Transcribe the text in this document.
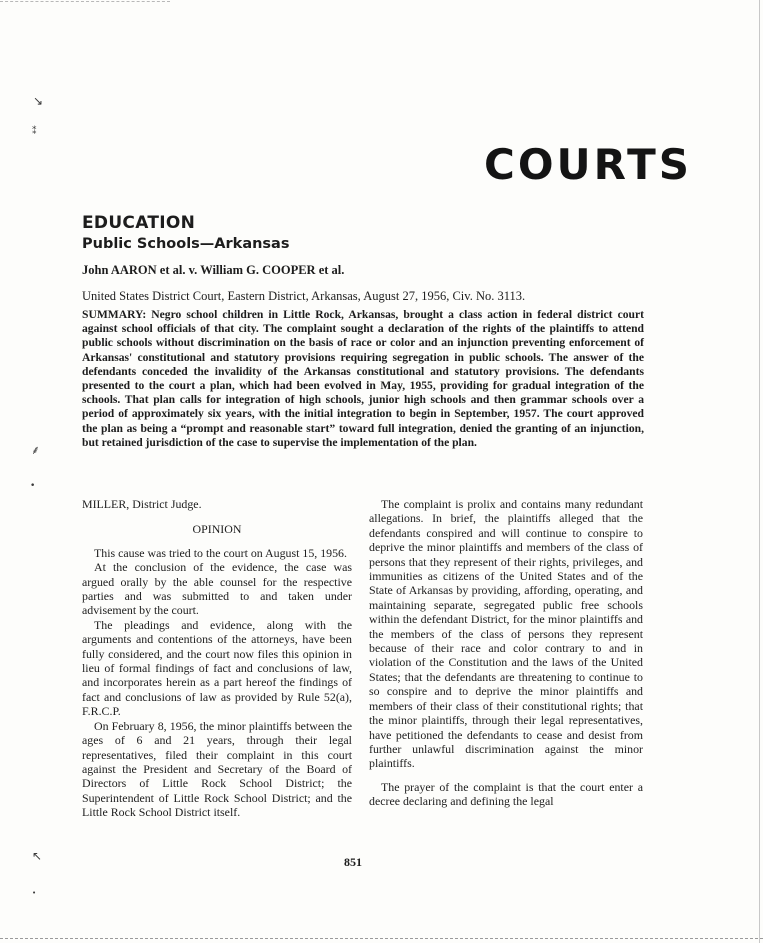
↘
⁑
⸙
•
↖
•
COURTS
EDUCATION
Public Schools—Arkansas

John AARON et al. v. William G. COOPER et al.

United States District Court, Eastern District, Arkansas, August 27, 1956, Civ. No. 3113.

SUMMARY: Negro school children in Little Rock, Arkansas, brought a class action in federal district court against school officials of that city. The complaint sought a declaration of the rights of the plaintiffs to attend public schools without discrimination on the basis of race or color and an injunction preventing enforcement of Arkansas' constitutional and statutory provisions requiring segregation in public schools. The answer of the defendants conceded the invalidity of the Arkansas constitutional and statutory provisions. The defendants presented to the court a plan, which had been evolved in May, 1955, providing for gradual integration of the schools. That plan calls for integration of high schools, junior high schools and then grammar schools over a period of approximately six years, with the initial integration to begin in September, 1957. The court approved the plan as being a “prompt and reasonable start” toward full integration, denied the granting of an injunction, but retained jurisdiction of the case to supervise the implementation of the plan.

MILLER, District Judge.

OPINION

This cause was tried to the court on August 15, 1956.

At the conclusion of the evidence, the case was argued orally by the able counsel for the respective parties and was submitted to and taken under advisement by the court.

The pleadings and evidence, along with the arguments and contentions of the attorneys, have been fully considered, and the court now files this opinion in lieu of formal findings of fact and conclusions of law, and incorporates herein as a part hereof the findings of fact and conclusions of law as provided by Rule 52(a), F.R.C.P.

On February 8, 1956, the minor plaintiffs between the ages of 6 and 21 years, through their legal representatives, filed their complaint in this court against the President and Secretary of the Board of Directors of Little Rock School District; the Superintendent of Little Rock School District; and the Little Rock School District itself.

The complaint is prolix and contains many redundant allegations. In brief, the plaintiffs alleged that the defendants conspired and will continue to conspire to deprive the minor plaintiffs and members of the class of persons that they represent of their rights, privileges, and immunities as citizens of the United States and of the State of Arkansas by providing, affording, operating, and maintaining separate, segregated public free schools within the defendant District, for the minor plaintiffs and the members of the class of persons they represent because of their race and color contrary to and in violation of the Constitution and the laws of the United States; that the defendants are threatening to continue to so conspire and to deprive the minor plaintiffs and members of their class of their constitutional rights; that the minor plaintiffs, through their legal representatives, have petitioned the defendants to cease and desist from further unlawful discrimination against the minor plaintiffs.

The prayer of the complaint is that the court enter a decree declaring and defining the legal

851
